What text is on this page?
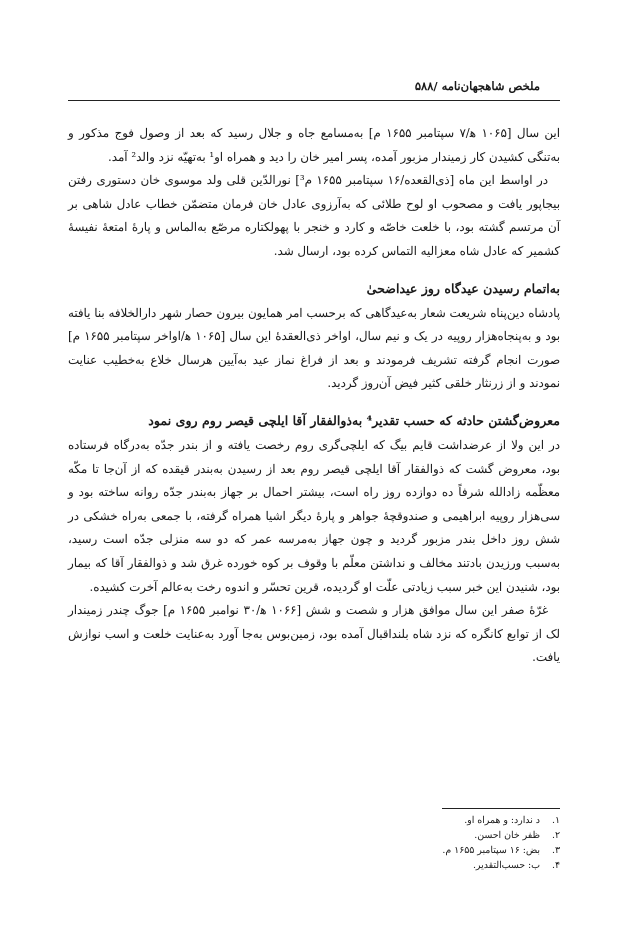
ملخص شاهجهان‌نامه /۵۸۸

این سال [۱۰۶۵ ﻫ/۷ سپتامبر ۱۶۵۵ م] به‌مسامع جاه و جلال رسید که بعد از وصول فوج مذکور و به‌تنگی کشیدن کار زمیندار مزبور آمده، پسر امیر خان را دید و همراه او¹ به‌تهیّه نزد والد² آمد.

در اواسط این ماه [ذی‌القعده/۱۶ سپتامبر ۱۶۵۵ م³] نورالدّین قلی ولد موسوی خان دستوری رفتن بیجاپور یافت و مصحوب او لوح طلائی که به‌آرزوی عادل خان فرمان متضمّن خطاب عادل شاهی بر آن مرتسم گشته بود، با خلعت خاصّه و کارد و خنجر با پهولکتاره مرصّع به‌الماس و پارهٔ امتعهٔ نفیسهٔ کشمیر که عادل شاه معزالیه التماس کرده بود، ارسال شد.

به‌اتمام رسیدن عیدگاه روز عیداضحیٰ

پادشاه دین‌پناه شریعت شعار به‌عیدگاهی که برحسب امر همایون بیرون حصار شهر دارالخلافه بنا یافته بود و به‌پنجاه‌هزار روپیه در یک و نیم سال، اواخر ذی‌العقدهٔ این سال [۱۰۶۵ ﻫ/اواخر سپتامبر ۱۶۵۵ م] صورت انجام گرفته تشریف فرمودند و بعد از فراغ نماز عید به‌آیین هرسال خلاع به‌خطیب عنایت نمودند و از زرنثار خلقی کثیر فیض آن‌روز گردید.

معروض‌گشتن حادثه که حسب تقدیر⁴ به‌ذوالفقار آقا ایلچی قیصر روم روی نمود

در این ولا از عرضداشت قایم بیگ که ایلچی‌گری روم رخصت یافته و از بندر جدّه به‌درگاه فرستاده بود، معروض گشت که ذوالفقار آقا ایلچی قیصر روم بعد از رسیدن به‌بندر قیقده که از آن‌جا تا مکّه معظّمه زادالله شرفاً ده دوازده روز راه است، بیشتر احمال بر جهاز به‌بندر جدّه روانه ساخته بود و سی‌هزار روپیه ابراهیمی و صندوقچهٔ جواهر و پارهٔ دیگر اشیا همراه گرفته، با جمعی به‌راه خشکی در شش روز داخل بندر مزبور گردید و چون جهاز به‌مرسه عمر که دو سه منزلی جدّه است رسید، به‌سبب ورزیدن بادتند مخالف و نداشتن معلّم با وقوف بر کوه خورده غرق شد و ذوالفقار آقا که بیمار بود، شنیدن این خبر سبب زیادتی علّت او گردیده، قرین تحسّر و اندوه رخت به‌عالم آخرت کشیده.

غرّهٔ صفر این سال موافق هزار و شصت و شش [۱۰۶۶ ﻫ/۳۰ نوامبر ۱۶۵۵ م] جوگ چندر زمیندار لک از توابع کانگره که نزد شاه بلنداقبال آمده بود، زمین‌بوس به‌جا آورد به‌عنایت خلعت و اسب نوازش یافت.

۱.
د ندارد: و همراه او.
۲.
ظفر خان احسن.
۳.
بض: ۱۶ سپتامبر ۱۶۵۵ م.
۴.
ب: حسب‌التقدیر.
